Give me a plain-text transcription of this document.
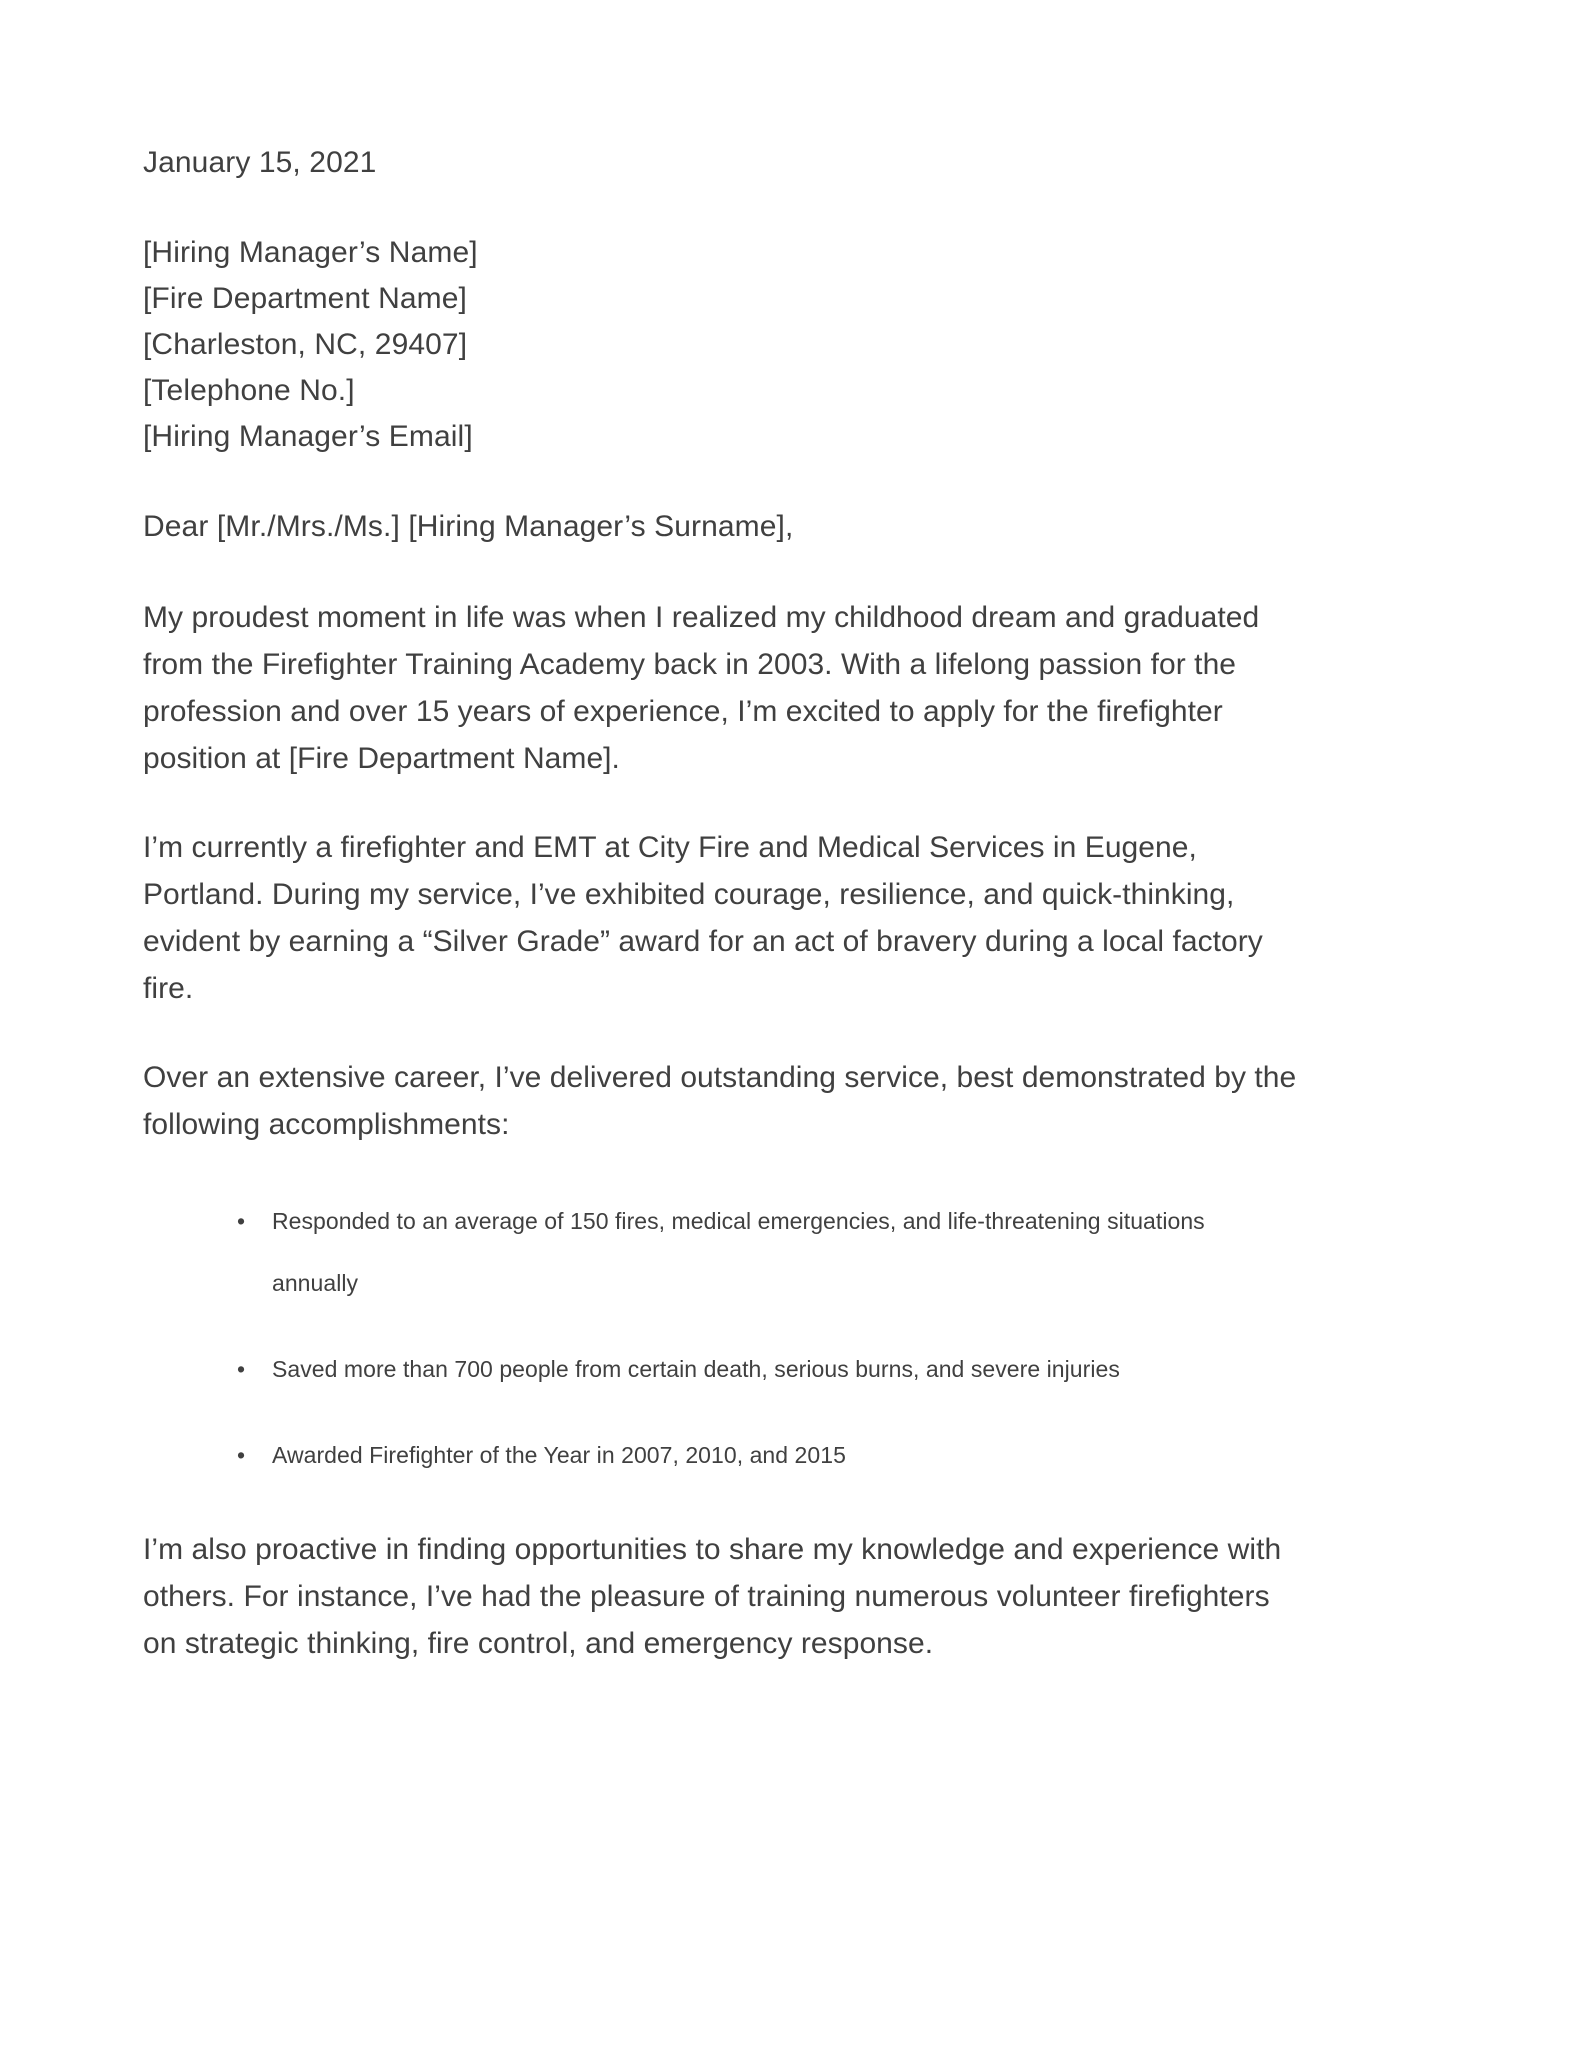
January 15, 2021
[Hiring Manager’s Name]
[Fire Department Name]
[Charleston, NC, 29407]
[Telephone No.]
[Hiring Manager’s Email]
Dear [Mr./Mrs./Ms.] [Hiring Manager’s Surname],

My proudest moment in life was when I realized my childhood dream and graduated from the Firefighter Training Academy back in 2003. With a lifelong passion for the profession and over 15 years of experience, I’m excited to apply for the firefighter position at [Fire Department Name].

I’m currently a firefighter and EMT at City Fire and Medical Services in Eugene, Portland. During my service, I’ve exhibited courage, resilience, and quick-thinking, evident by earning a “Silver Grade” award for an act of bravery during a local factory fire.

Over an extensive career, I’ve delivered outstanding service, best demonstrated by the following accomplishments:

• Responded to an average of 150 fires, medical emergencies, and life-threatening situations annually
• Saved more than 700 people from certain death, serious burns, and severe injuries
• Awarded Firefighter of the Year in 2007, 2010, and 2015

I’m also proactive in finding opportunities to share my knowledge and experience with others. For instance, I’ve had the pleasure of training numerous volunteer firefighters on strategic thinking, fire control, and emergency response.
